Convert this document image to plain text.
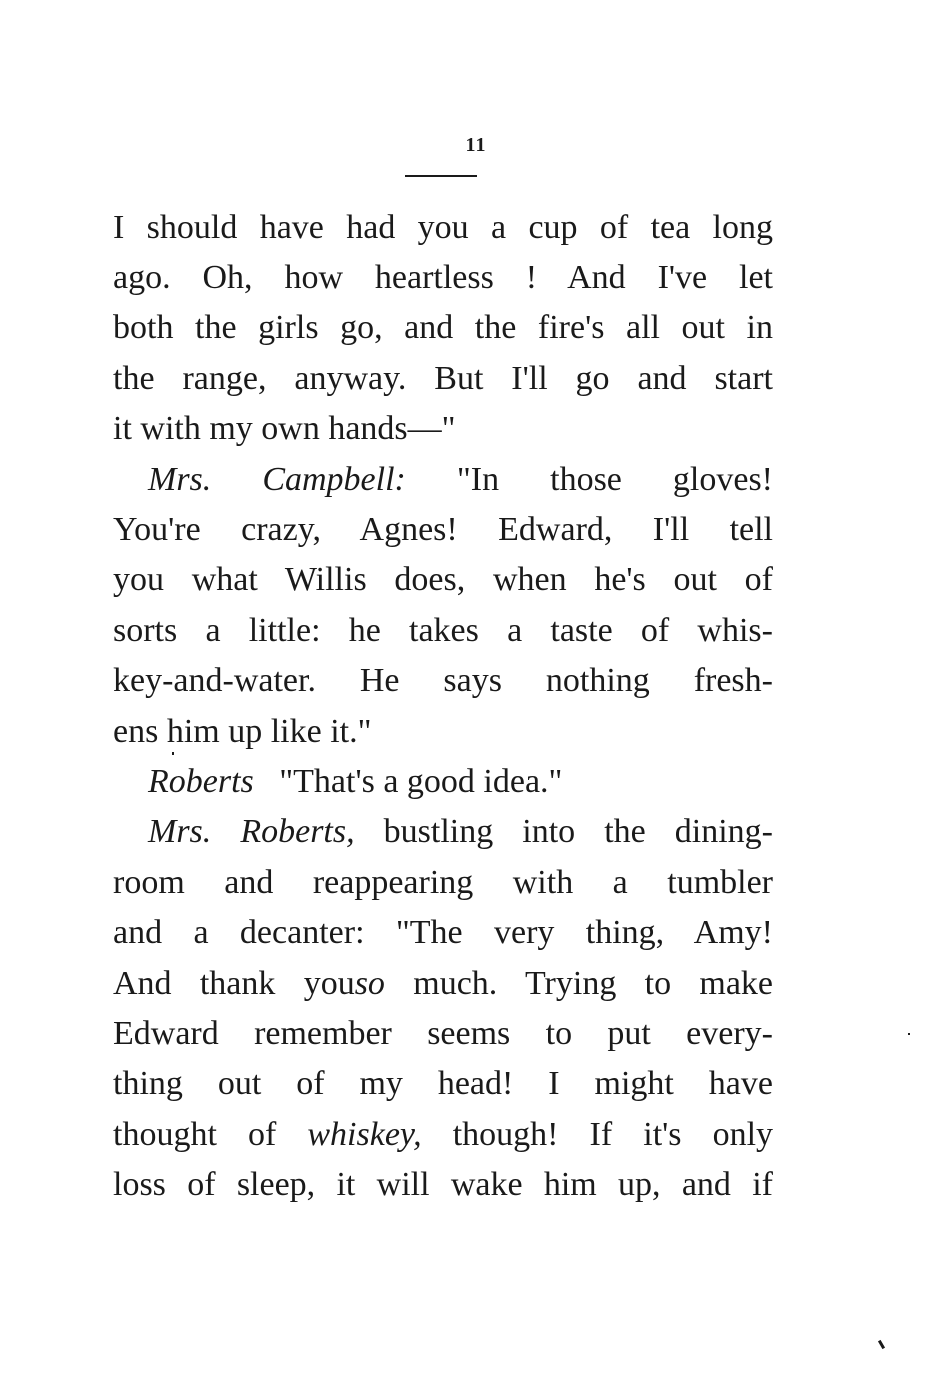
11
I should have had you a cup of tea long
ago. Oh, how heartless ! And I've let
both the girls go, and the fire's all out in
the range, anyway. But I'll go and start
it with my own hands—"
Mrs. Campbell: "In those gloves!
You're crazy, Agnes! Edward, I'll tell
you what Willis does, when he's out of
sorts a little: he takes a taste of whis-
key-and-water. He says nothing fresh-
ens him up like it."
Roberts "That's a good idea."
Mrs. Roberts, bustling into the dining-
room and reappearing with a tumbler
and a decanter: "The very thing, Amy!
And thank youso much. Trying to make
Edward remember seems to put every-
thing out of my head! I might have
thought of whiskey, though! If it's only
loss of sleep, it will wake him up, and if
